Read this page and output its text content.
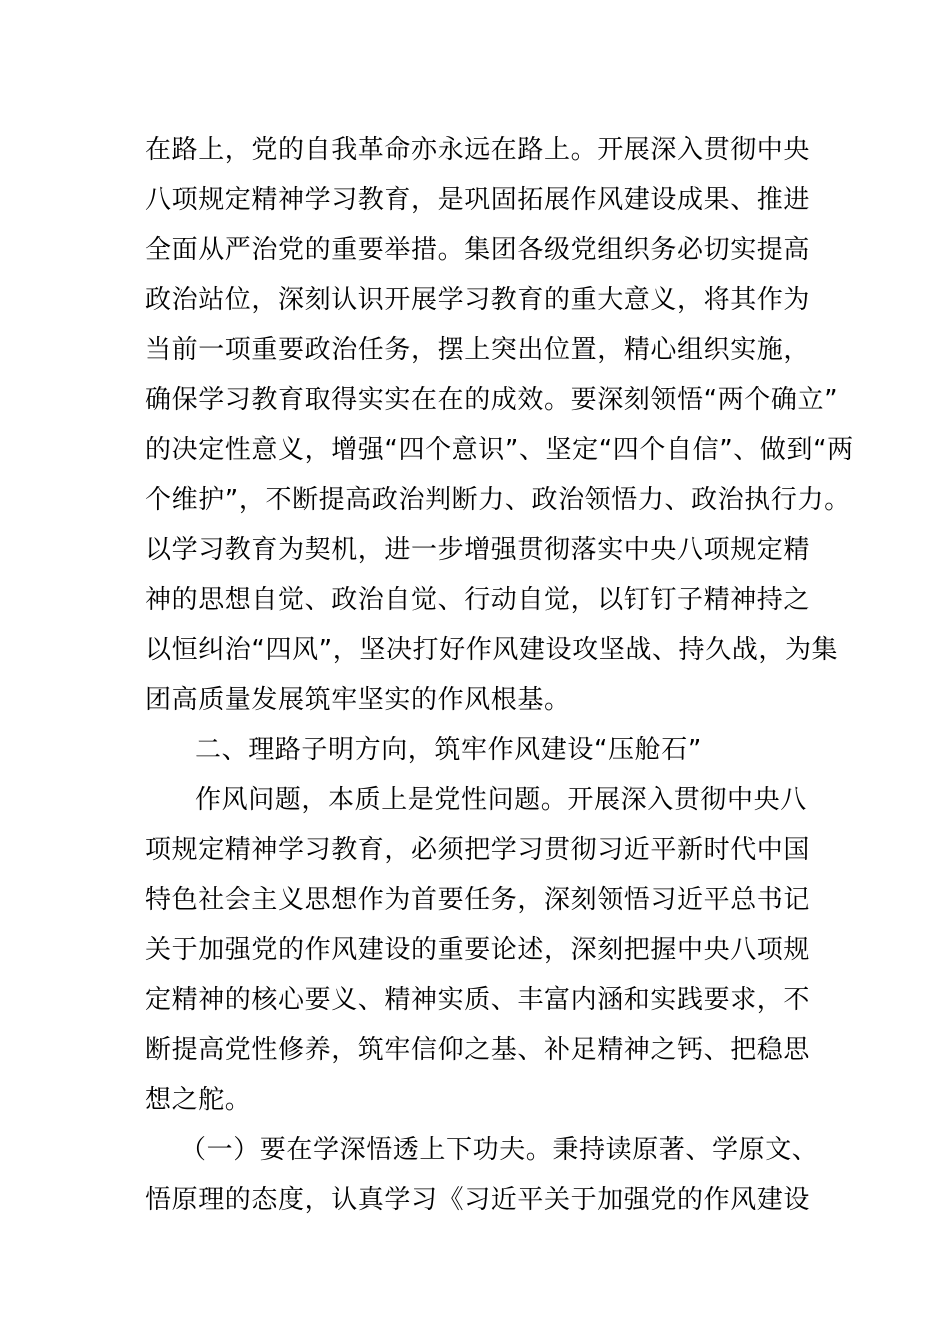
在路上，党的自我革命亦永远在路上。开展深入贯彻中央
八项规定精神学习教育，是巩固拓展作风建设成果、推进
全面从严治党的重要举措。集团各级党组织务必切实提高
政治站位，深刻认识开展学习教育的重大意义，将其作为
当前一项重要政治任务，摆上突出位置，精心组织实施，
确保学习教育取得实实在在的成效。要深刻领悟“两个确立”
的决定性意义，增强“四个意识”、坚定“四个自信”、做到“两
个维护”，不断提高政治判断力、政治领悟力、政治执行力。
以学习教育为契机，进一步增强贯彻落实中央八项规定精
神的思想自觉、政治自觉、行动自觉，以钉钉子精神持之
以恒纠治“四风”，坚决打好作风建设攻坚战、持久战，为集
团高质量发展筑牢坚实的作风根基。
二、理路子明方向，筑牢作风建设“压舱石”
作风问题，本质上是党性问题。开展深入贯彻中央八
项规定精神学习教育，必须把学习贯彻习近平新时代中国
特色社会主义思想作为首要任务，深刻领悟习近平总书记
关于加强党的作风建设的重要论述，深刻把握中央八项规
定精神的核心要义、精神实质、丰富内涵和实践要求，不
断提高党性修养，筑牢信仰之基、补足精神之钙、把稳思
想之舵。
（一）要在学深悟透上下功夫。秉持读原著、学原文、
悟原理的态度，认真学习《习近平关于加强党的作风建设
